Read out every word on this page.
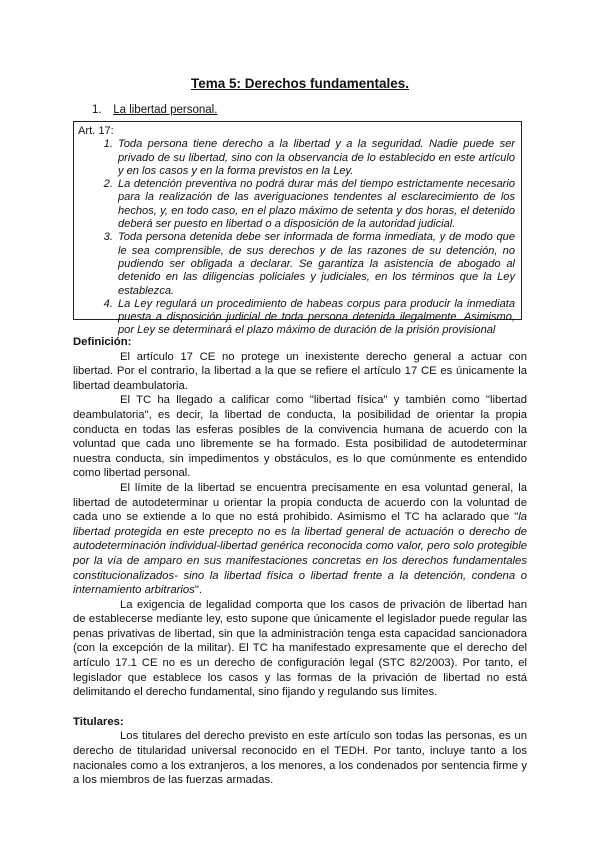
Tema 5: Derechos fundamentales.
1. La libertad personal.
Art. 17:
1. Toda persona tiene derecho a la libertad y a la seguridad. Nadie puede ser privado de su libertad, sino con la observancia de lo establecido en este artículo y en los casos y en la forma previstos en la Ley.
2. La detención preventiva no podrá durar más del tiempo estrictamente necesario para la realización de las averiguaciones tendentes al esclarecimiento de los hechos, y, en todo caso, en el plazo máximo de setenta y dos horas, el detenido deberá ser puesto en libertad o a disposición de la autoridad judicial.
3. Toda persona detenida debe ser informada de forma inmediata, y de modo que le sea comprensible, de sus derechos y de las razones de su detención, no pudiendo ser obligada a declarar. Se garantiza la asistencia de abogado al detenido en las diligencias policiales y judiciales, en los términos que la Ley establezca.
4. La Ley regulará un procedimiento de habeas corpus para producir la inmediata puesta a disposición judicial de toda persona detenida ilegalmente. Asimismo, por Ley se determinará el plazo máximo de duración de la prisión provisional
Definición:

El artículo 17 CE no protege un inexistente derecho general a actuar con libertad. Por el contrario, la libertad a la que se refiere el artículo 17 CE es únicamente la libertad deambulatoria.

El TC ha llegado a calificar como "libertad física" y también como "libertad deambulatoria", es decir, la libertad de conducta, la posibilidad de orientar la propia conducta en todas las esferas posibles de la convivencia humana de acuerdo con la voluntad que cada uno libremente se ha formado. Esta posibilidad de autodeterminar nuestra conducta, sin impedimentos y obstáculos, es lo que comúnmente es entendido como libertad personal.

El límite de la libertad se encuentra precisamente en esa voluntad general, la libertad de autodeterminar u orientar la propia conducta de acuerdo con la voluntad de cada uno se extiende a lo que no está prohibido. Asimismo el TC ha aclarado que "la libertad protegida en este precepto no es la libertad general de actuación o derecho de autodeterminación individual-libertad genérica reconocida como valor, pero solo protegible por la vía de amparo en sus manifestaciones concretas en los derechos fundamentales constitucionalizados- sino la libertad física o libertad frente a la detención, condena o internamiento arbitrarios".

La exigencia de legalidad comporta que los casos de privación de libertad han de establecerse mediante ley, esto supone que únicamente el legislador puede regular las penas privativas de libertad, sin que la administración tenga esta capacidad sancionadora (con la excepción de la militar). El TC ha manifestado expresamente que el derecho del artículo 17.1 CE no es un derecho de configuración legal (STC 82/2003). Por tanto, el legislador que establece los casos y las formas de la privación de libertad no está delimitando el derecho fundamental, sino fijando y regulando sus límites.

Titulares:

Los titulares del derecho previsto en este artículo son todas las personas, es un derecho de titularidad universal reconocido en el TEDH. Por tanto, incluye tanto a los nacionales como a los extranjeros, a los menores, a los condenados por sentencia firme y a los miembros de las fuerzas armadas.
